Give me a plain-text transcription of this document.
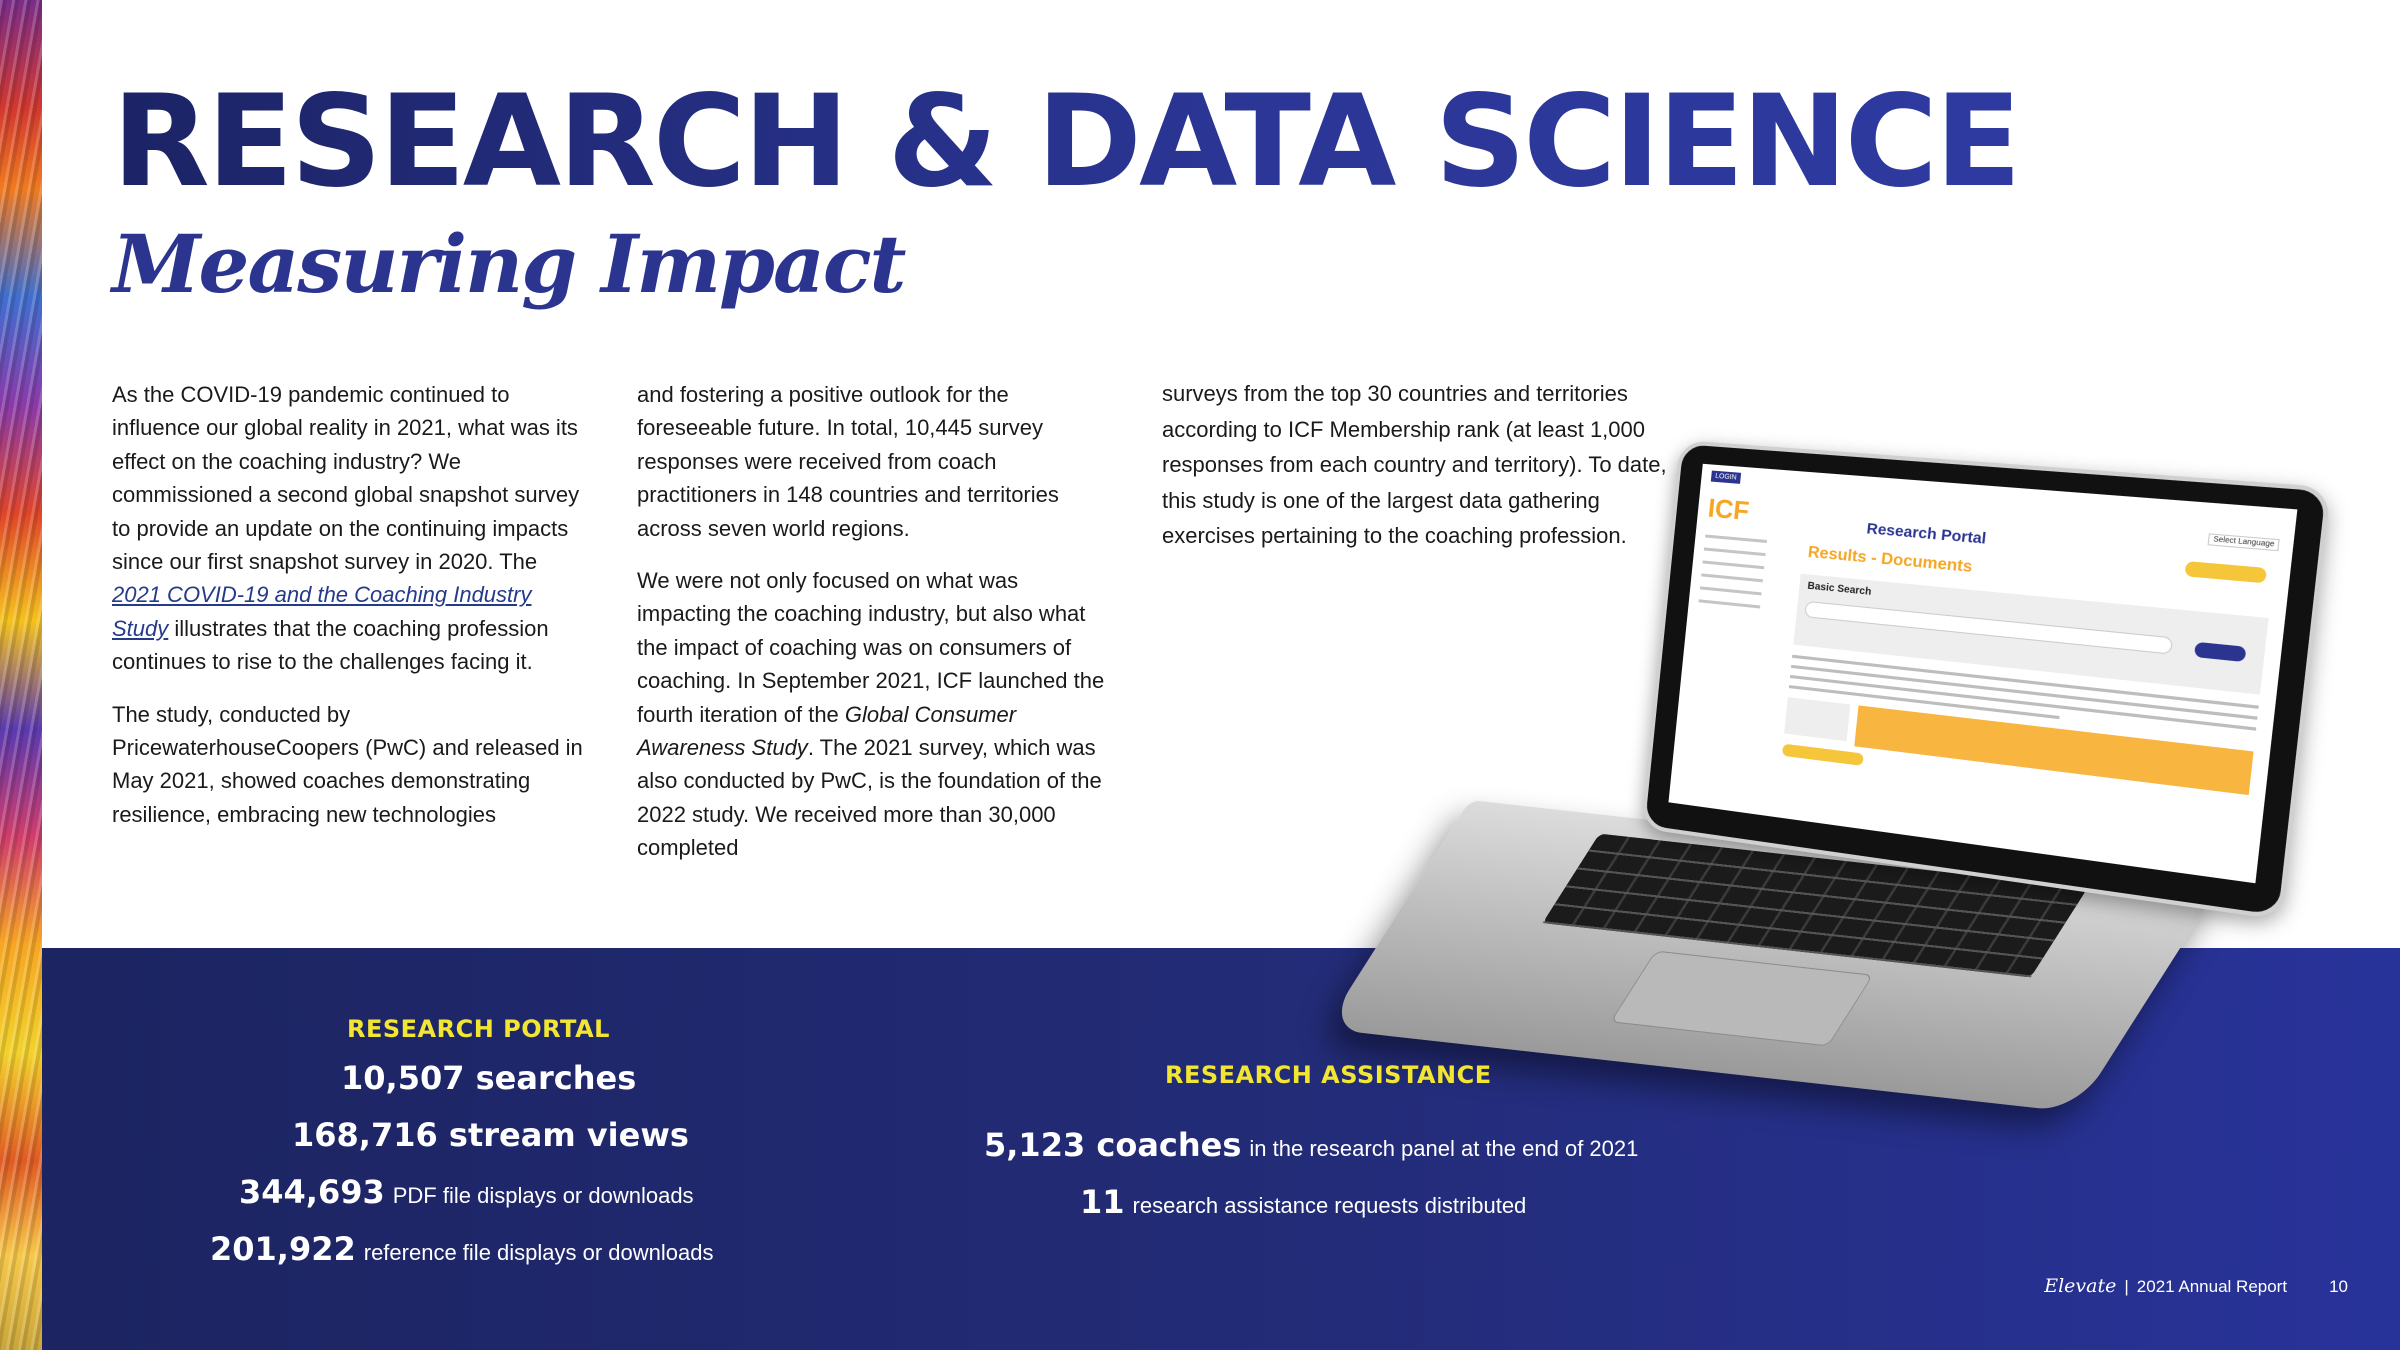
RESEARCH & DATA SCIENCE
Measuring Impact

As the COVID-19 pandemic continued to influence our global reality in 2021, what was its effect on the coaching industry? We commissioned a second global snapshot survey to provide an update on the continuing impacts since our first snapshot survey in 2020. The 2021 COVID-19 and the Coaching Industry Study illustrates that the coaching profession continues to rise to the challenges facing it.

The study, conducted by PricewaterhouseCoopers (PwC) and released in May 2021, showed coaches demonstrating resilience, embracing new technologies

and fostering a positive outlook for the foreseeable future. In total, 10,445 survey responses were received from coach practitioners in 148 countries and territories across seven world regions.

We were not only focused on what was impacting the coaching industry, but also what the impact of coaching was on consumers of coaching. In September 2021, ICF launched the fourth iteration of the Global Consumer Awareness Study. The 2021 survey, which was also conducted by PwC, is the foundation of the 2022 study. We received more than 30,000 completed

surveys from the top 30 countries and territories according to ICF Membership rank (at least 1,000 responses from each country and territory). To date, this study is one of the largest data gathering exercises pertaining to the coaching profession.

LOGIN
Select Language
ICF
Research Portal
Results - Documents
Basic Search
RESEARCH PORTAL

10,507 searches

168,716 stream views

344,693 PDF file displays or downloads

201,922 reference file displays or downloads

RESEARCH ASSISTANCE

5,123 coaches in the research panel at the end of 2021

11 research assistance requests distributed

Elevate | 2021 Annual Report 10
